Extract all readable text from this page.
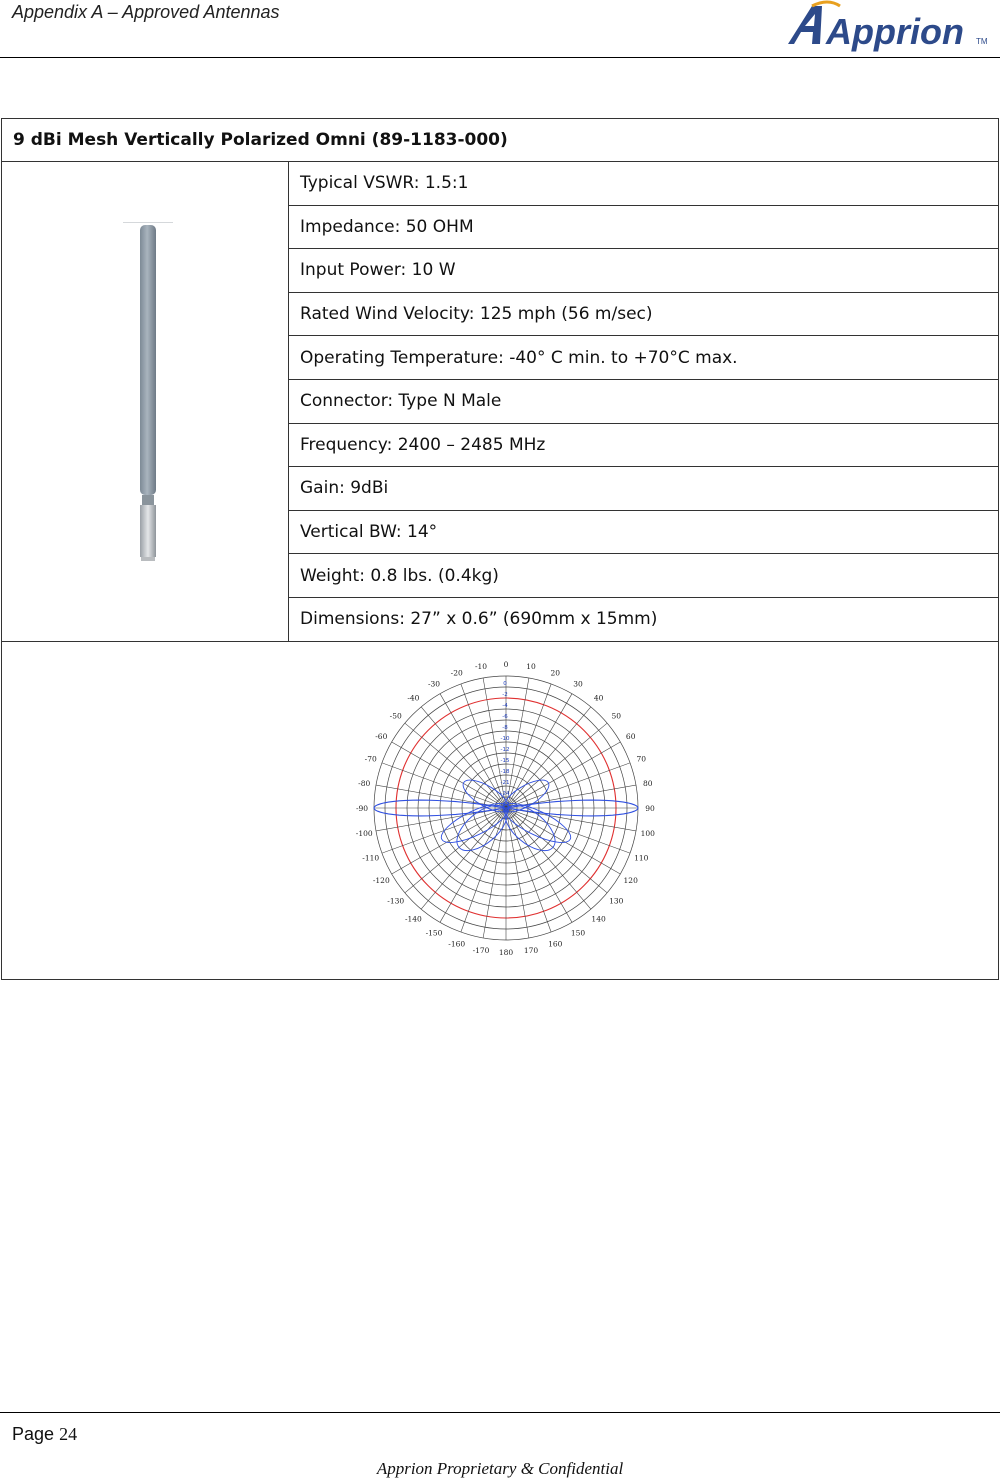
Appendix A – Approved Antennas	Apprion TM
9 dBi Mesh Vertically Polarized Omni (89-1183-000)
	Typical VSWR: 1.5:1
Impedance: 50 OHM
Input Power: 10 W
Rated Wind Velocity: 125 mph (56 m/sec)
Operating Temperature: -40° C min. to +70°C max.
Connector: Type N Male
Frequency: 2400 – 2485 MHz
Gain: 9dBi
Vertical BW: 14°
Weight: 0.8 lbs. (0.4kg)
Dimensions: 27” x 0.6” (690mm x 15mm)

0 10
20
30
40
50
60
70
80
90
100
110
120
130
140
150
160
170
180
-170
-160
-150
-140
-130
-120
-110
-100
-90
-80
-70
-60
-50
-40
-30
-20
-10
0
-2
-4
-6
-8
-10
-12
-15
-18
-21
-24
-27
Page 24
Apprion Proprietary & Confidential
